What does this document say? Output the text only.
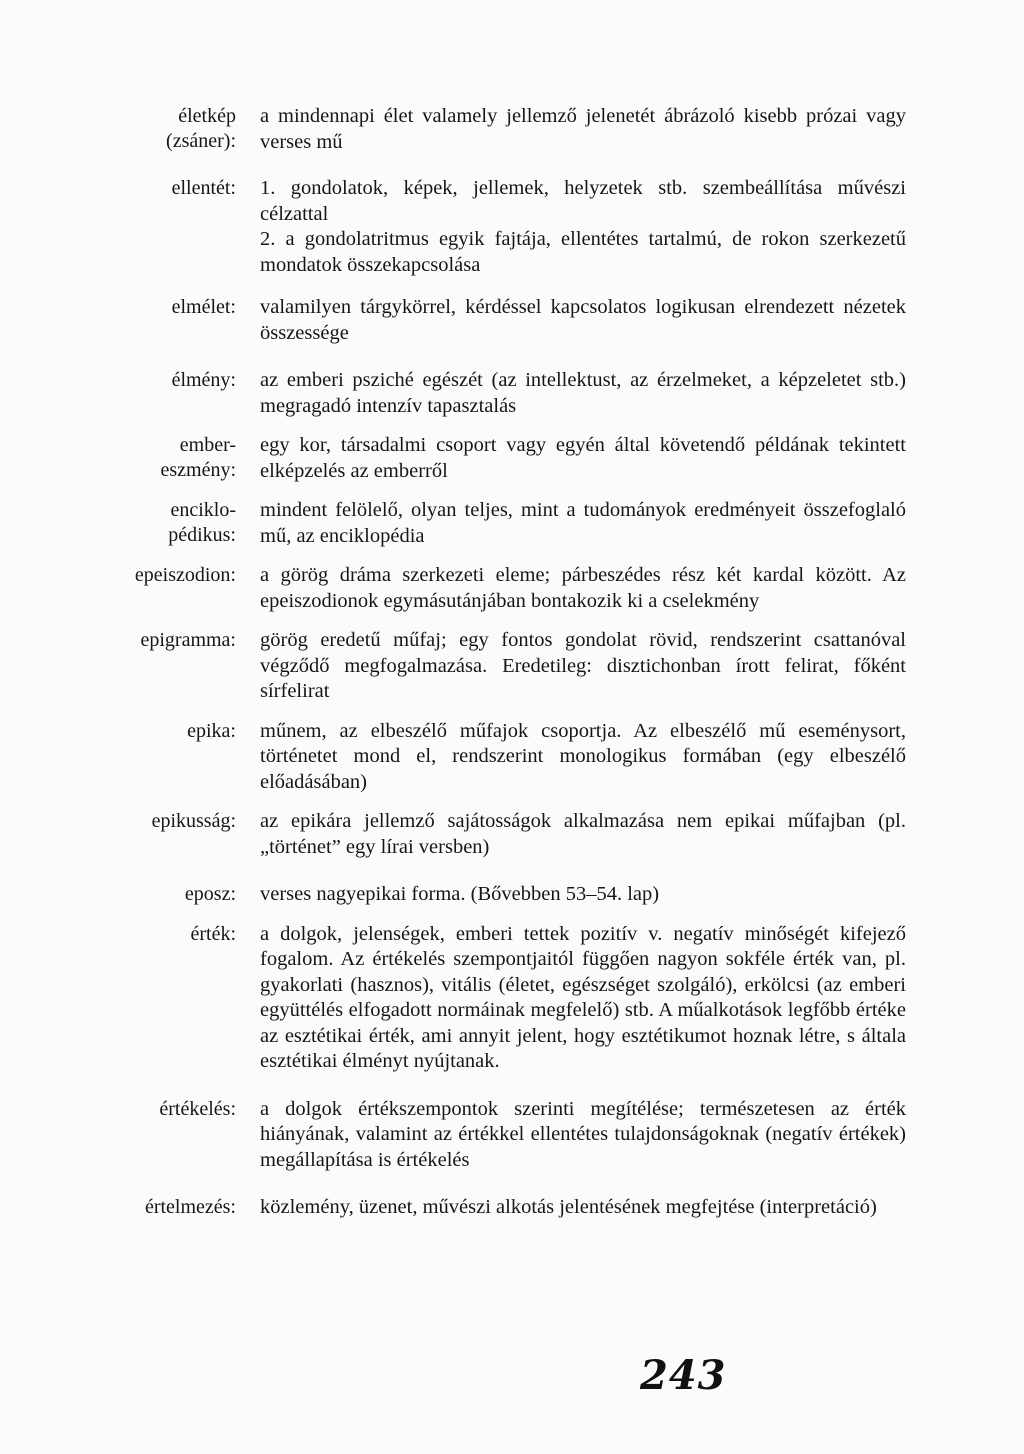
életkép
(zsáner):
a mindennapi élet valamely jellemző jelenetét ábrázoló kisebb prózai vagy verses mű
ellentét: 1. gondolatok, képek, jellemek, helyzetek stb. szembeállítása művészi célzattal
2. a gondolatritmus egyik fajtája, ellentétes tartalmú, de rokon szerkezetű mondatok összekapcsolása
elmélet: valamilyen tárgykörrel, kérdéssel kapcsolatos logikusan elrendezett nézetek összessége
élmény: az emberi psziché egészét (az intellektust, az érzelmeket, a képzeletet stb.) megragadó intenzív tapasztalás
ember-
eszmény:
egy kor, társadalmi csoport vagy egyén által követendő példának tekintett elképzelés az emberről
enciklo-
pédikus:
mindent felölelő, olyan teljes, mint a tudományok eredményeit összefoglaló mű, az enciklopédia
epeiszodion: a görög dráma szerkezeti eleme; párbeszédes rész két kardal között. Az epeiszodionok egymásutánjában bontakozik ki a cselekmény
epigramma: görög eredetű műfaj; egy fontos gondolat rövid, rendszerint csattanóval végződő megfogalmazása. Eredetileg: disztichonban írott felirat, főként sírfelirat
epika: műnem, az elbeszélő műfajok csoportja. Az elbeszélő mű eseménysort, történetet mond el, rendszerint monologikus formában (egy elbeszélő előadásában)
epikusság: az epikára jellemző sajátosságok alkalmazása nem epikai műfajban (pl. „történet” egy lírai versben)
eposz: verses nagyepikai forma. (Bővebben 53–54. lap)
érték: a dolgok, jelenségek, emberi tettek pozitív v. negatív minőségét kifejező fogalom. Az értékelés szempontjaitól függően nagyon sokféle érték van, pl. gyakorlati (hasznos), vitális (életet, egészséget szolgáló), erkölcsi (az emberi együttélés elfogadott normáinak megfelelő) stb. A műalkotások legfőbb értéke az esztétikai érték, ami annyit jelent, hogy esztétikumot hoznak létre, s általa esztétikai élményt nyújtanak.
értékelés: a dolgok értékszempontok szerinti megítélése; természetesen az érték hiányának, valamint az értékkel ellentétes tulajdonságoknak (negatív értékek) megállapítása is értékelés
értelmezés: közlemény, üzenet, művészi alkotás jelentésének megfejtése (interpretáció)
243
